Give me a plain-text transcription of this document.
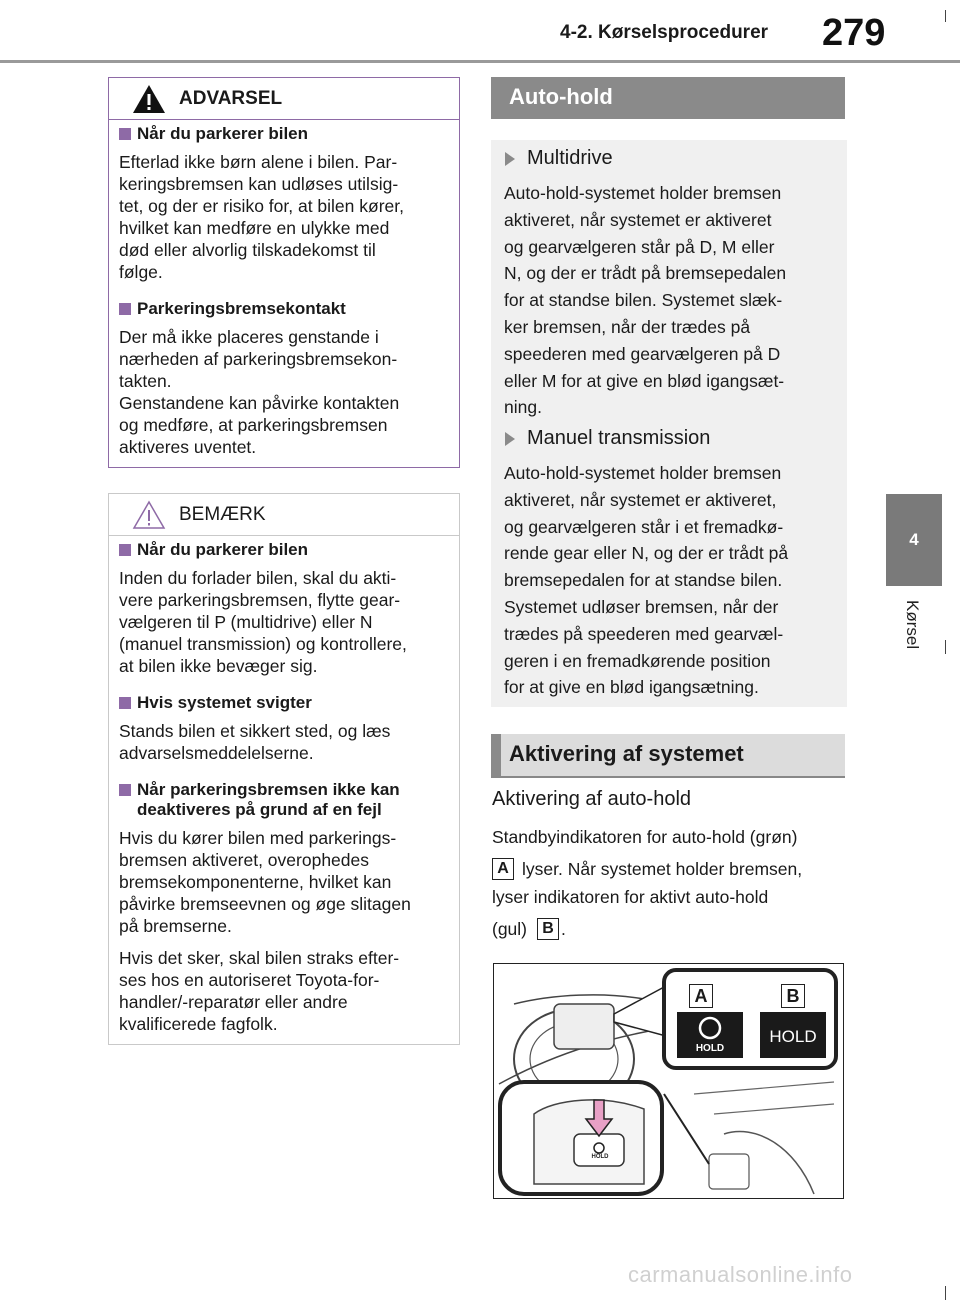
4-2. Kørselsprocedurer 279
4
Kørsel
ADVARSEL
Når du parkerer bilen
Efterlad ikke børn alene i bilen. Par-
keringsbremsen kan udløses utilsig-
tet, og der er risiko for, at bilen kører,
hvilket kan medføre en ulykke med
død eller alvorlig tilskadekomst til
følge.
Parkeringsbremsekontakt
Der må ikke placeres genstande i
nærheden af parkeringsbremsekon-
takten.
Genstandene kan påvirke kontakten
og medføre, at parkeringsbremsen
aktiveres uventet.
BEMÆRK
Når du parkerer bilen
Inden du forlader bilen, skal du akti-
vere parkeringsbremsen, flytte gear-
vælgeren til P (multidrive) eller N
(manuel transmission) og kontrollere,
at bilen ikke bevæger sig.
Hvis systemet svigter
Stands bilen et sikkert sted, og læs
advarselsmeddelelserne.
Når parkeringsbremsen ikke kan
deaktiveres på grund af en fejl
Hvis du kører bilen med parkerings-
bremsen aktiveret, overophedes
bremsekomponenterne, hvilket kan
påvirke bremseevnen og øge slitagen
på bremserne.
Hvis det sker, skal bilen straks efter-
ses hos en autoriseret Toyota-for-
handler/-reparatør eller andre
kvalificerede fagfolk.
Auto-hold
Multidrive
Auto-hold-systemet holder bremsen
aktiveret, når systemet er aktiveret
og gearvælgeren står på D, M eller
N, og der er trådt på bremsepedalen
for at standse bilen. Systemet slæk-
ker bremsen, når der trædes på
speederen med gearvælgeren på D
eller M for at give en blød igangsæt-
ning.
Manuel transmission
Auto-hold-systemet holder bremsen
aktiveret, når systemet er aktiveret,
og gearvælgeren står i et fremadkø-
rende gear eller N, og der er trådt på
bremsepedalen for at standse bilen.
Systemet udløser bremsen, når der
trædes på speederen med gearvæl-
geren i en fremadkørende position
for at give en blød igangsætning.
Aktivering af systemet
Aktivering af auto-hold
Standbyindikatoren for auto-hold (grøn)
A lyser. Når systemet holder bremsen,
lyser indikatoren for aktivt auto-hold
(gul) B .
A	B
HOLD
HOLD
HOLD
carmanualsonline.info
